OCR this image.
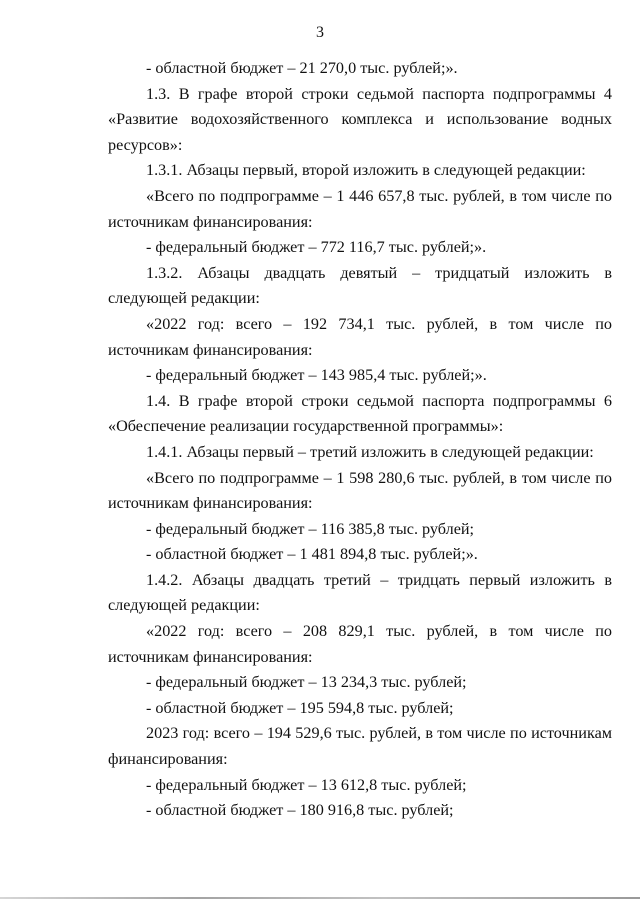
3

- областной бюджет – 21 270,0 тыс. рублей;».

1.3. В графе второй строки седьмой паспорта подпрограммы 4 «Развитие водохозяйственного комплекса и использование водных ресурсов»:

1.3.1. Абзацы первый, второй изложить в следующей редакции:

«Всего по подпрограмме – 1 446 657,8 тыс. рублей, в том числе по источникам финансирования:

- федеральный бюджет – 772 116,7 тыс. рублей;».

1.3.2. Абзацы двадцать девятый – тридцатый изложить в следующей редакции:

«2022 год: всего – 192 734,1 тыс. рублей, в том числе по источникам финансирования:

- федеральный бюджет – 143 985,4 тыс. рублей;».

1.4. В графе второй строки седьмой паспорта подпрограммы 6 «Обеспечение реализации государственной программы»:

1.4.1. Абзацы первый – третий изложить в следующей редакции:

«Всего по подпрограмме – 1 598 280,6 тыс. рублей, в том числе по источникам финансирования:

- федеральный бюджет – 116 385,8 тыс. рублей;

- областной бюджет – 1 481 894,8 тыс. рублей;».

1.4.2. Абзацы двадцать третий – тридцать первый изложить в следующей редакции:

«2022 год: всего – 208 829,1 тыс. рублей, в том числе по источникам финансирования:

- федеральный бюджет – 13 234,3 тыс. рублей;

- областной бюджет – 195 594,8 тыс. рублей;

2023 год: всего – 194 529,6 тыс. рублей, в том числе по источникам финансирования:

- федеральный бюджет – 13 612,8 тыс. рублей;

- областной бюджет – 180 916,8 тыс. рублей;
